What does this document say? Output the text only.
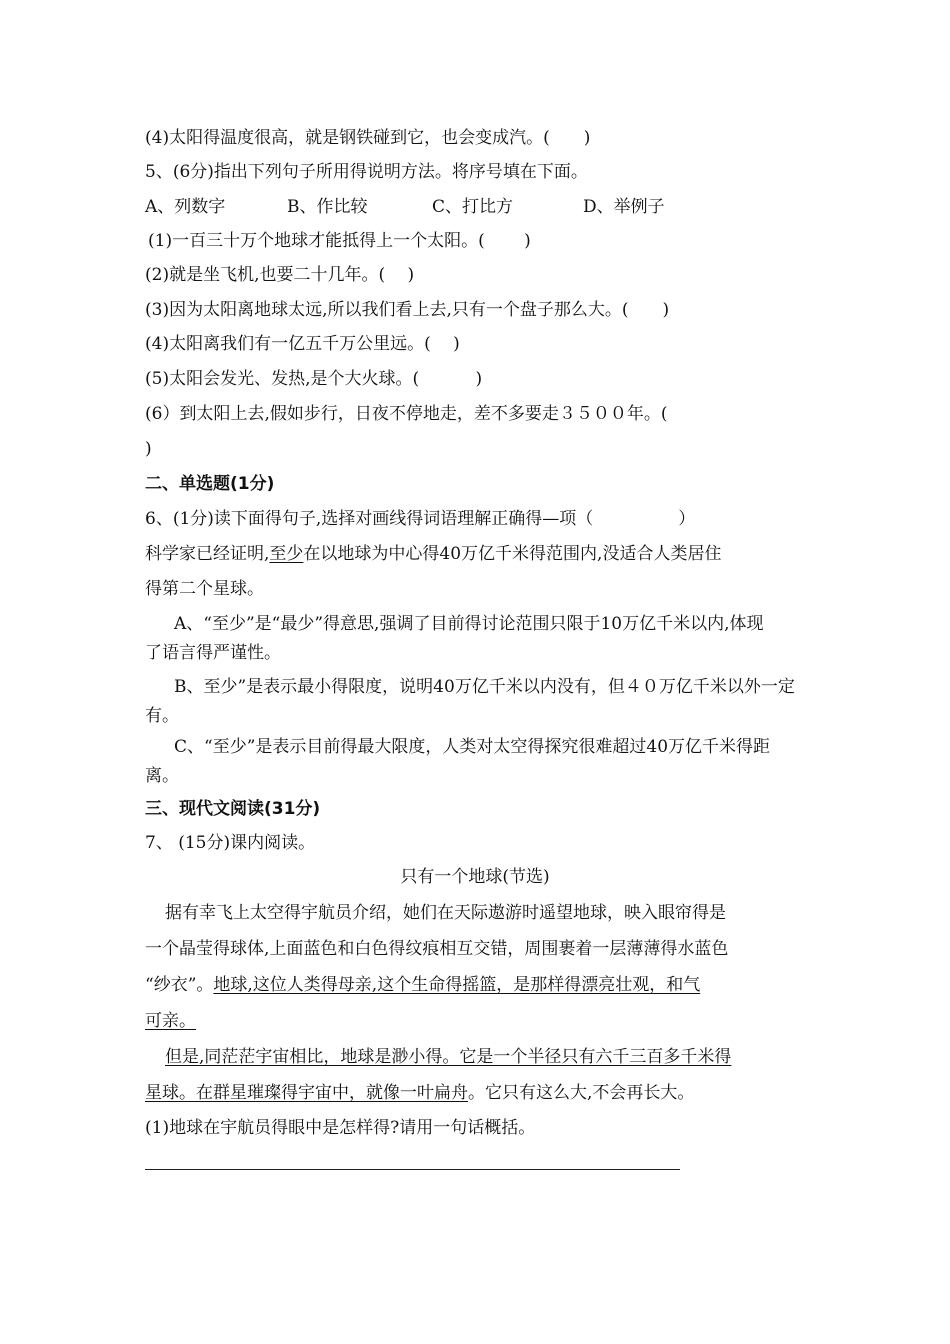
(4)太阳得温度很高，就是钢铁碰到它，也会变成汽。(　　)
5、(6分)指出下列句子所用得说明方法。将序号填在下面。
A、列数字	B、作比较	C、打比方	D、举例子
(1)一百三十万个地球才能抵得上一个太阳。(　　 )
(2)就是坐飞机,也要二十几年。(　 )
(3)因为太阳离地球太远,所以我们看上去,只有一个盘子那么大。(　　)
(4)太阳离我们有一亿五千万公里远。(　 )
(5)太阳会发光、发热,是个大火球。(　　　 )
(6）到太阳上去,假如步行，日夜不停地走，差不多要走３５００年。(
)
二、单选题(1分)
6、(1分)读下面得句子,选择对画线得词语理解正确得—项（　　　　　）
科学家已经证明,至少在以地球为中心得40万亿千米得范围内,没适合人类居住
得第二个星球。
A、“至少”是“最少”得意思,强调了目前得讨论范围只限于10万亿千米以内,体现
了语言得严谨性。
B、至少”是表示最小得限度，说明40万亿千米以内没有，但４０万亿千米以外一定
有。
C、“至少”是表示目前得最大限度，人类对太空得探究很难超过40万亿千米得距
离。
三、现代文阅读(31分)
7、 (15分)课内阅读。
只有一个地球(节选)
据有幸飞上太空得宇航员介绍，她们在天际遨游时遥望地球，映入眼帘得是
一个晶莹得球体,上面蓝色和白色得纹痕相互交错，周围裹着一层薄薄得水蓝色
“纱衣”。地球,这位人类得母亲,这个生命得摇篮，是那样得漂亮壮观，和气
可亲。
但是,同茫茫宇宙相比，地球是渺小得。它是一个半径只有六千三百多千米得
星球。在群星璀璨得宇宙中，就像一叶扁舟。它只有这么大,不会再长大。
(1)地球在宇航员得眼中是怎样得?请用一句话概括。
